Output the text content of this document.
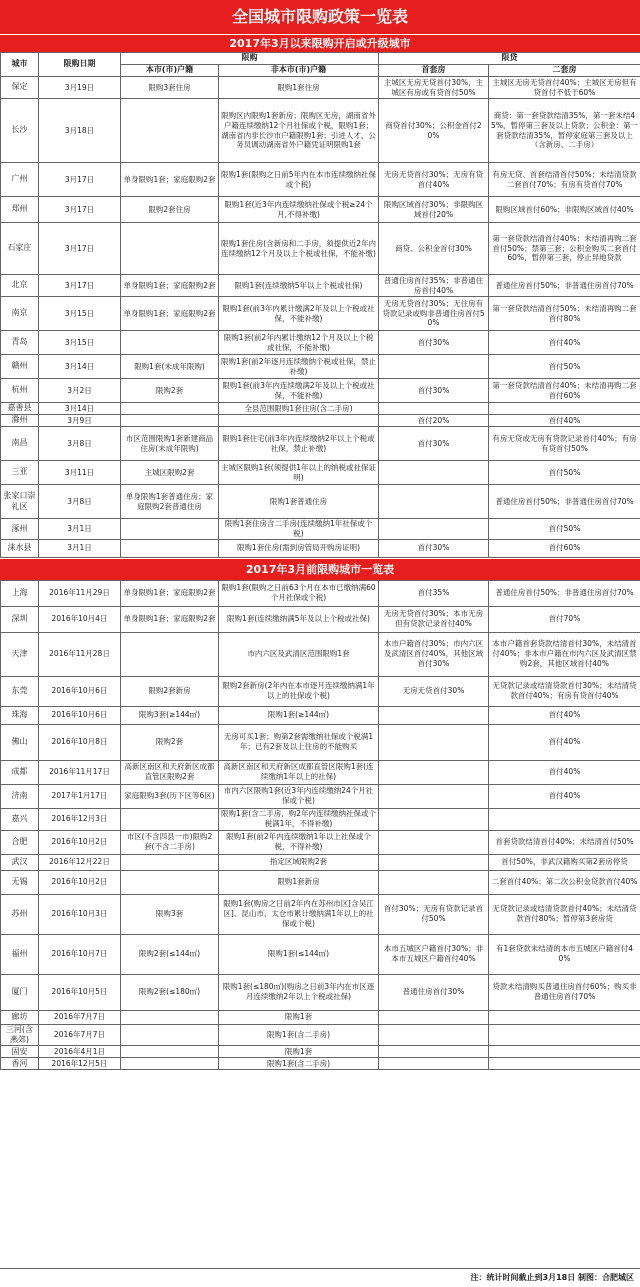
全国城市限购政策一览表
2017年3月以来限购开启或升级城市
城市	限购日期	限购		限贷	
		本市(市)户籍	非本市(市)户籍	首套房	二套房
保定	3月19日	限购3套住房	限购1套住房	主城区无房无贷首付30%，主城区有房或有贷首付50%	主城区无房无贷首付40%；主城区无房但有贷首付不低于60%
长沙	3月18日		限购区内限购1套新房；限购区无房，湖南省外户籍连续缴纳12个月社保或个税，限购1套；湖南省内非长沙市户籍限购1套；引进人才、公务员调动湖南省外户籍凭证明限购1套	商贷首付30%；公积金首付20%	商贷：第一套贷款结清35%，第一套未结45%，暂停第三套及以上贷款；公积金：第一套贷款结清35%，暂停家庭第三套及以上（含新房、二手房）
广州	3月17日	单身限购1套；家庭限购2套	限购1套(限购之日前5年内在本市连续缴纳社保或个税)	无房无贷首付30%；无房有贷首付40%	有房无贷、首套结清首付50%；未结清贷款二套首付70%；有房有贷首付70%
郑州	3月17日	限购2套住房	限购1套(近3年内连续缴纳社保或个税≥24个月,不得补缴)	限购区域首付30%；非限购区域首付20%	限购区域首付60%；非限购区域首付40%
石家庄	3月17日		限购1套住房(含新房和二手房，须提供近2年内连续缴纳12个月及以上个税或社保，不能补缴)	商贷、公积金首付30%	第一套贷款结清首付40%；未结清再购二套首付50%；禁第三套；公积金购买二套首付60%，暂停第三套，停止异地贷款
北京	3月17日	单身限购1套；家庭限购2套	限购1套(连续缴纳5年以上个税或社保)	普通住房首付35%；非普通住房首付40%	普通住房首付50%；非普通住房首付70%
南京	3月15日	单身限购1套；家庭限购2套	限购1套(前3年内累计缴满2年及以上个税或社保，不能补缴)	无房无贷首付30%；无住房有贷款记录或购非普通住房首付50%	第一套贷款结清首付50%；未结清再购二套首付80%
青岛	3月15日		限购1套(前2年内累计缴纳12个月及以上个税或社保，不能补缴)	首付30%	首付40%
赣州	3月14日	限购1套(未成年限购)	限购1套(前2年逐月连续缴纳个税或社保，禁止补缴)		首付50%
杭州	3月2日	限购2套	限购1套(前3年内连续缴满2年及以上个税或社保，不能补缴)	首付30%	第一套贷款结清首付40%；未结清再购二套首付60%
嘉善县	3月14日		全县范围限购1套住房(含二手房)		
滁州	3月9日			首付20%	首付40%
南昌	3月8日	市区范围限购1套新建商品住房(未成年限购)	限购1套住宅(前3年内连续缴纳2年以上个税或社保，禁止补缴)	首付30%	有房无贷或无房有贷款记录首付40%；有房有贷首付50%
三亚	3月11日	主城区限购2套	主城区限购1套(须提供1年以上的纳税或社保证明)		首付50%
张家口崇礼区	3月8日	单身限购1套普通住房；家庭限购2套普通住房	限购1套普通住房		普通住房首付50%；非普通住房首付70%
涿州	3月1日		限购1套住房含二手房(连续缴纳1年社保或个税)		首付50%
涞水县	3月1日		限购1套住房(需到房管局开购房证明)	首付30%	首付60%
2017年3月前限购城市一览表
上海	2016年11月29日	单身限购1套；家庭限购2套	限购1套(限购之日前63个月在本市已缴纳满60个月社保或个税)	首付35%	普通住房首付50%；非普通住房首付70%
深圳	2016年10月4日	单身限购1套；家庭限购2套	限购1套(连续缴纳满5年及以上个税或社保)	无房无贷首付30%；本市无房但有贷款记录首付40%	首付70%
天津	2016年11月28日		市内六区及武清区范围限购1套	本市户籍首付30%；市内六区及武清区首付40%，其他区域首付30%	本市户籍首套贷款结清首付30%，未结清首付40%；非本市户籍在市内六区及武清区禁购2套，其他区域首付40%
东莞	2016年10月6日	限购2套新房	限购2套新房(2年内在本市逐月连续缴纳满1年以上的社保或个税)	无房无贷首付30%	无贷款记录或结清贷款首付30%；未结清贷款首付40%；有房有贷首付40%
珠海	2016年10月6日	限购3套(≥144㎡)	限购1套(≥144㎡)		首付40%
佛山	2016年10月8日	限购2套	无房可买1套；购第2套需缴纳社保或个税满1年；已有2套及以上住房的不能购买		首付40%
成都	2016年11月17日	高新区南区和天府新区成都直管区限购2套	高新区南区和天府新区成都直管区限购1套(连续缴纳1年以上的社保)		首付40%
济南	2017年1月17日	家庭限购3套(历下区等6区)	市内六区限购1套(近3年内连续缴纳24个月社保或个税)		首付40%
嘉兴	2016年12月3日		限购1套(含二手房，购2年内连续缴纳社保或个税满1年，不得补缴)		
合肥	2016年10月2日	市区(不含四县一市)限购2套(不含二手房)	限购1套(前2年内连续缴纳1年以上社保或个税，不得补缴)		首套贷款结清首付40%；未结清首付50%
武汉	2016年12月22日		指定区域限购2套		首付50%，非武汉籍购买第2套房停贷
无锡	2016年10月2日		限购1套新房		二套首付40%；第二次公积金贷款首付40%
苏州	2016年10月3日	限购3套	限购1套(购房之日前2年内在苏州市区[含吴江区]、昆山市、太仓市累计缴纳满1年以上的社保或个税)	首付30%；无房有贷款记录首付50%	无贷款记录或结清贷款首付40%；未结清贷款首付80%；暂停第3套房贷
福州	2016年10月7日	限购2套(≤144㎡)	限购1套(≤144㎡)	本市五城区户籍首付30%；非本市五城区户籍首付40%	有1套贷款未结清的本市五城区户籍首付40%
厦门	2016年10月5日	限购2套(≤180㎡)	限购1套(≤180㎡)(购房之日前3年内在市区逐月连续缴纳2年以上个税或社保)	普通住房首付30%	贷款未结清购买普通住房首付60%；购买非普通住房首付70%
廊坊	2016年7月7日		限购1套		
三河(含燕郊)	2016年7月7日		限购1套(含二手房)		
固安	2016年4月1日		限购1套		
香河	2016年12月5日		限购1套(含二手房)		
注：统计时间截止到3月18日 制图：合肥城区
